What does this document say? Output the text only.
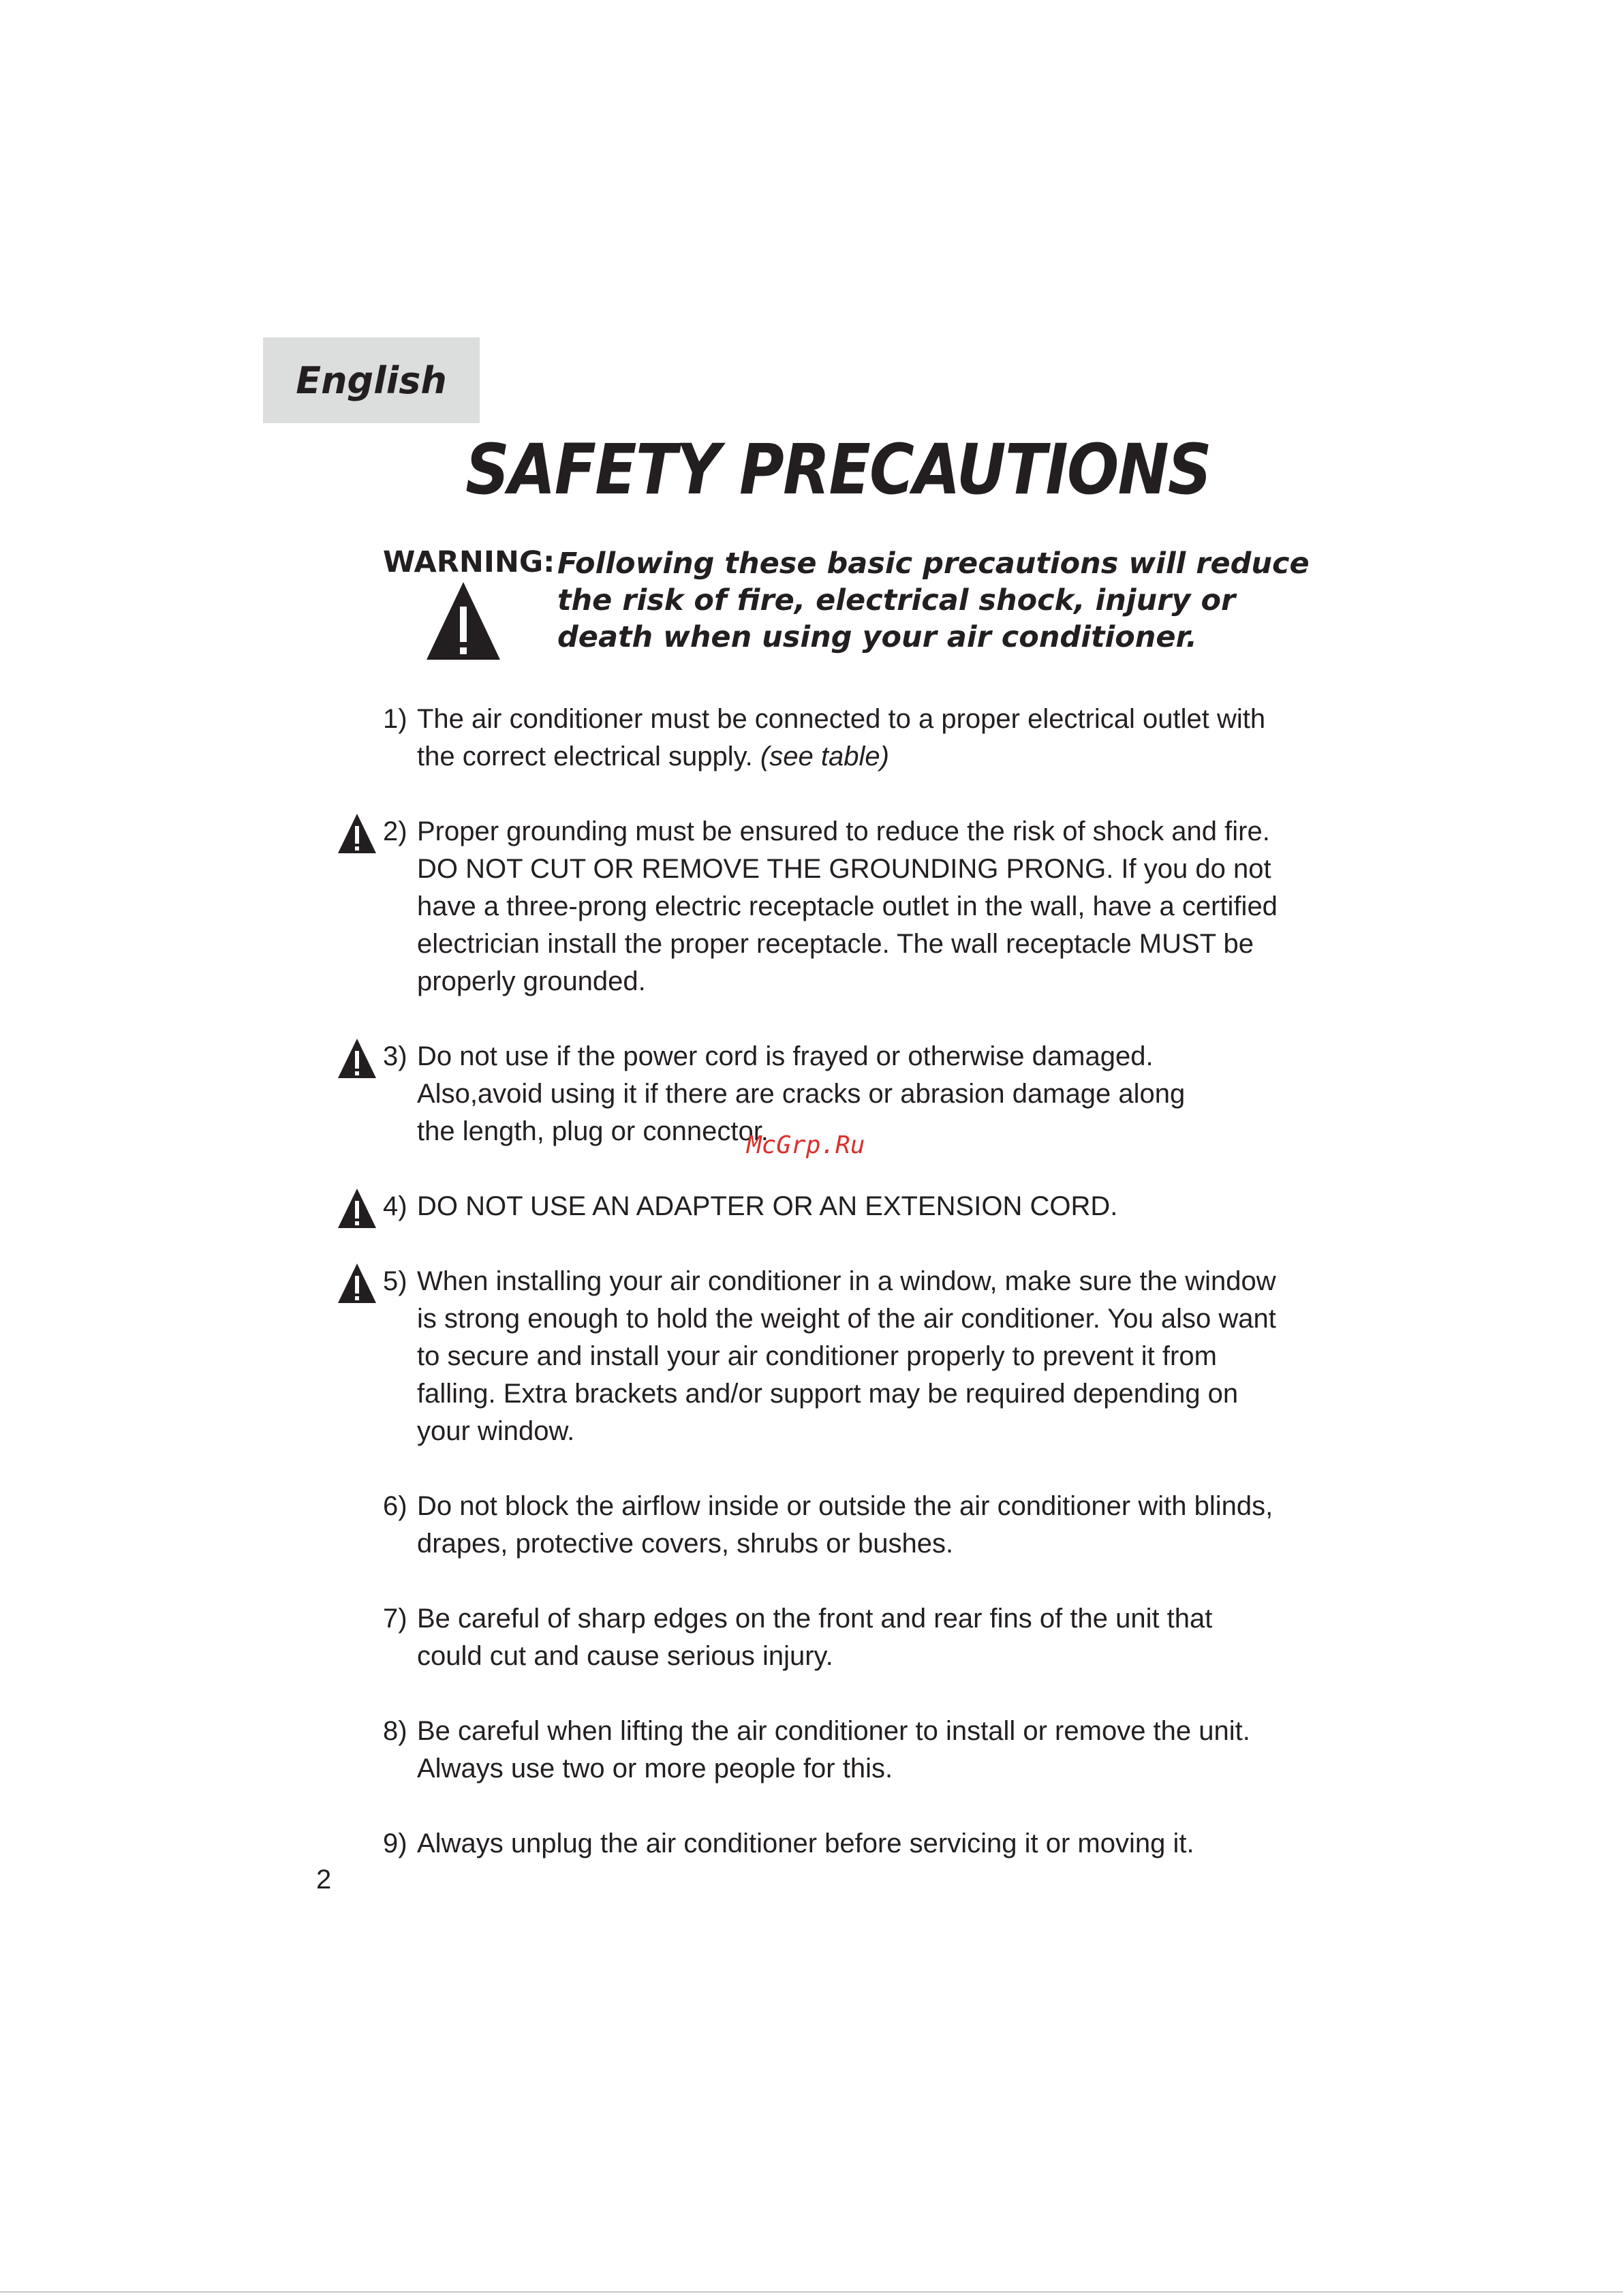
English
SAFETY PRECAUTIONS
WARNING: Following these basic precautions will reduce the risk of fire, electrical shock, injury or death when using your air conditioner.
1) The air conditioner must be connected to a proper electrical outlet with the correct electrical supply. (see table)
2) Proper grounding must be ensured to reduce the risk of shock and fire. DO NOT CUT OR REMOVE THE GROUNDING PRONG. If you do not have a three-prong electric receptacle outlet in the wall, have a certified electrician install the proper receptacle. The wall receptacle MUST be properly grounded.
3) Do not use if the power cord is frayed or otherwise damaged. Also,avoid using it if there are cracks or abrasion damage along the length, plug or connector.
4) DO NOT USE AN ADAPTER OR AN EXTENSION CORD.
5) When installing your air conditioner in a window, make sure the window is strong enough to hold the weight of the air conditioner. You also want to secure and install your air conditioner properly to prevent it from falling. Extra brackets and/or support may be required depending on your window.
6) Do not block the airflow inside or outside the air conditioner with blinds, drapes, protective covers, shrubs or bushes.
7) Be careful of sharp edges on the front and rear fins of the unit that could cut and cause serious injury.
8) Be careful when lifting the air conditioner to install or remove the unit. Always use two or more people for this.
9) Always unplug the air conditioner before servicing it or moving it.
McGrp.Ru
2
